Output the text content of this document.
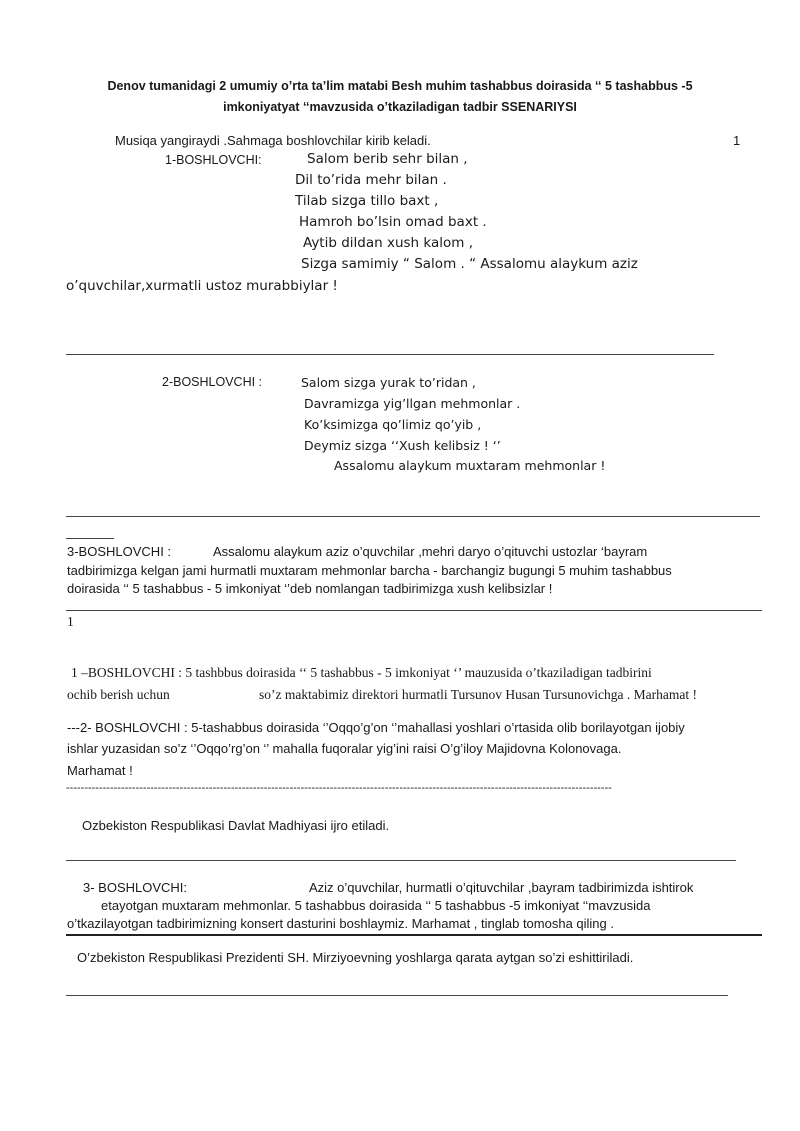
Denov tumanidagi 2 umumiy o’rta ta’lim matabi Besh muhim tashabbus doirasida ‘‘ 5 tashabbus -5
imkoniyatyat ‘‘mavzusida o’tkaziladigan tadbir SSENARIYSI
Musiqa yangiraydi .Sahmaga boshlovchilar kirib keladi.	1
1-BOSHLOVCHI:	Salom berib sehr bilan ,
Dil to’rida mehr bilan .
Tilab sizga tillo baxt ,
Hamroh bo’lsin omad baxt .
Aytib dildan xush kalom ,
Sizga samimiy “ Salom . “ Assalomu alaykum aziz
o’quvchilar,xurmatli ustoz murabbiylar !
2-BOSHLOVCHI :	Salom sizga yurak to’ridan ,
Davramizga yig’llgan mehmonlar .
Ko’ksimizga qo’limiz qo’yib ,
Deymiz sizga ‘‘Xush kelibsiz ! ‘’
Assalomu alaykum muxtaram mehmonlar !
3-BOSHLOVCHI :	Assalomu alaykum aziz o’quvchilar ,mehri daryo o’qituvchi ustozlar ‘bayram
tadbirimizga kelgan jami hurmatli muxtaram mehmonlar barcha - barchangiz bugungi 5 muhim tashabbus
doirasida ‘‘ 5 tashabbus - 5 imkoniyat ‘’deb nomlangan tadbirimizga xush kelibsizlar !
1
1 –BOSHLOVCHI : 5 tashbbus doirasida ‘‘ 5 tashabbus - 5 imkoniyat ‘’ mauzusida o’tkaziladigan tadbirini
ochib berish uchun	so’z maktabimiz direktori hurmatli Tursunov Husan Tursunovichga . Marhamat !
---2- BOSHLOVCHI : 5-tashabbus doirasida ‘’Oqqo’g’on ‘’mahallasi yoshlari o’rtasida olib borilayotgan ijobiy
ishlar yuzasidan so’z ‘’Oqqo’rg’on ‘’ mahalla fuqoralar yig’ini raisi O’g’iloy Majidovna Kolonovaga.
Marhamat !
-----------------------------------------------------------------------------------------------------------------------------------------------------
Ozbekiston Respublikasi Davlat Madhiyasi ijro etiladi.
3- BOSHLOVCHI:	Aziz o’quvchilar, hurmatli o’qituvchilar ,bayram tadbirimizda ishtirok
etayotgan muxtaram mehmonlar. 5 tashabbus doirasida ‘‘ 5 tashabbus -5 imkoniyat ‘‘mavzusida
o’tkazilayotgan tadbirimizning konsert dasturini boshlaymiz. Marhamat , tinglab tomosha qiling .
O’zbekiston Respublikasi Prezidenti SH. Mirziyoevning yoshlarga qarata aytgan so’zi eshittiriladi.
